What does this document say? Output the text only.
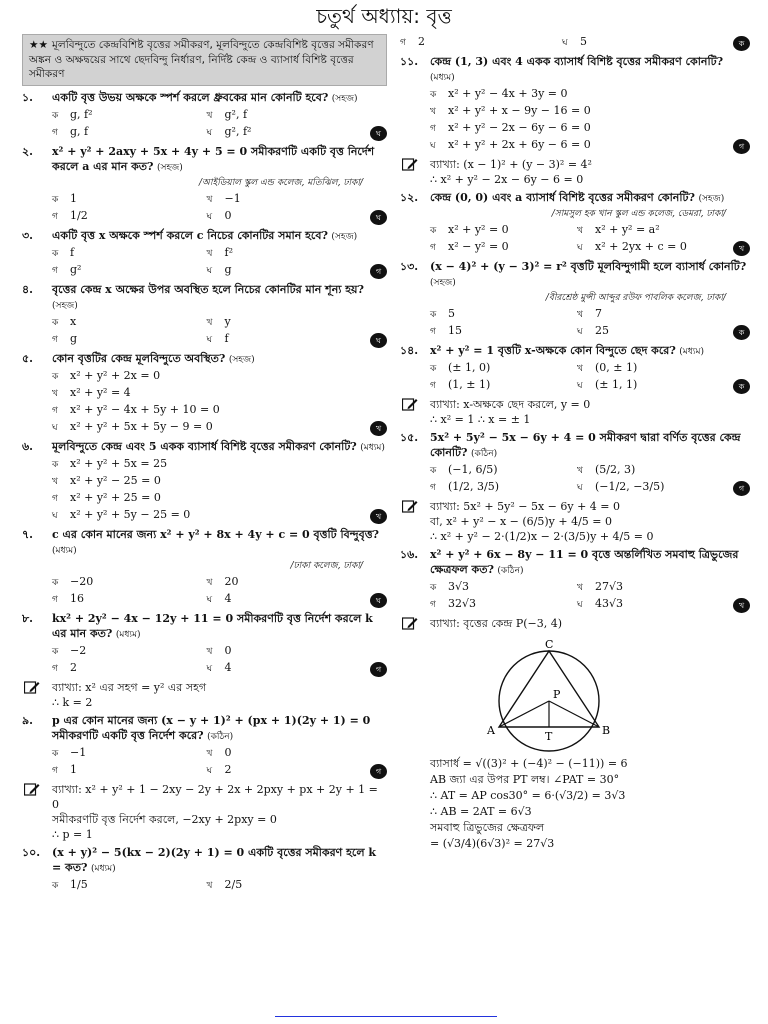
চতুর্থ অধ্যায়: বৃত্ত
★★ মূলবিন্দুতে কেন্দ্রবিশিষ্ট বৃত্তের সমীকরণ, মূলবিন্দুতে কেন্দ্রবিশিষ্ট বৃত্তের সমীকরণ অঙ্কন ও অক্ষদ্বয়ের সাথে ছেদবিন্দু নির্ধারণ, নির্দিষ্ট কেন্দ্র ও ব্যাসার্ধ বিশিষ্ট বৃত্তের সমীকরণ
১. একটি বৃত্ত উভয় অক্ষকে স্পর্শ করলে ধ্রুবকের মান কোনটি হবে? (সহজ)
ক g, f²	খ g², f
গ g, f	ঘ g², f²	ঘ
২. x² + y² + 2axy + 5x + 4y + 5 = 0 সমীকরণটি একটি বৃত্ত নির্দেশ করলে a এর মান কত? (সহজ)
/আইডিয়াল স্কুল এন্ড কলেজ, মতিঝিল, ঢাকা/
ক 1	খ −1
গ 1/2	ঘ 0	ঘ
৩. একটি বৃত্ত x অক্ষকে স্পর্শ করলে c নিচের কোনটির সমান হবে? (সহজ)
ক f	খ f²
গ g²	ঘ g	গ
৪. বৃত্তের কেন্দ্র x অক্ষের উপর অবস্থিত হলে নিচের কোনটির মান শূন্য হয়? (সহজ)
ক x	খ y
গ g	ঘ f	ঘ
৫. কোন বৃত্তটির কেন্দ্র মূলবিন্দুতে অবস্থিত? (সহজ)
ক x² + y² + 2x = 0
খ x² + y² = 4
গ x² + y² − 4x + 5y + 10 = 0
ঘ x² + y² + 5x + 5y − 9 = 0	খ
৬. মূলবিন্দুতে কেন্দ্র এবং 5 একক ব্যাসার্ধ বিশিষ্ট বৃত্তের সমীকরণ কোনটি? (মধ্যম)
ক x² + y² + 5x = 25
খ x² + y² − 25 = 0
গ x² + y² + 25 = 0
ঘ x² + y² + 5y − 25 = 0	খ
৭. c এর কোন মানের জন্য x² + y² + 8x + 4y + c = 0 বৃত্তটি বিন্দুবৃত্ত? (মধ্যম)
/ঢাকা কলেজ, ঢাকা/
ক −20	খ 20
গ 16	ঘ 4	ঘ
৮. kx² + 2y² − 4x − 12y + 11 = 0 সমীকরণটি বৃত্ত নির্দেশ করলে k এর মান কত? (মধ্যম)
ক −2	খ 0
গ 2	ঘ 4	গ
ব্যাখ্যা: x² এর সহগ = y² এর সহগ
∴ k = 2
৯. p এর কোন মানের জন্য (x − y + 1)² + (px + 1)(2y + 1) = 0 সমীকরণটি একটি বৃত্ত নির্দেশ করে? (কঠিন)
ক −1	খ 0
গ 1	ঘ 2	গ
ব্যাখ্যা: x² + y² + 1 − 2xy − 2y + 2x + 2pxy + px + 2y + 1 = 0
সমীকরণটি বৃত্ত নির্দেশ করলে, −2xy + 2pxy = 0
∴ p = 1
১০. (x + y)² − 5(kx − 2)(2y + 1) = 0 একটি বৃত্তের সমীকরণ হলে k = কত? (মধ্যম)
ক 1/5	খ 2/5
গ 2	ঘ 5	ক
১১. কেন্দ্র (1, 3) এবং 4 একক ব্যাসার্ধ বিশিষ্ট বৃত্তের সমীকরণ কোনটি? (মধ্যম)
ক x² + y² − 4x + 3y = 0
খ x² + y² + x − 9y − 16 = 0
গ x² + y² − 2x − 6y − 6 = 0
ঘ x² + y² + 2x + 6y − 6 = 0	গ
ব্যাখ্যা: (x − 1)² + (y − 3)² = 4²
∴ x² + y² − 2x − 6y − 6 = 0
১২. কেন্দ্র (0, 0) এবং a ব্যাসার্ধ বিশিষ্ট বৃত্তের সমীকরণ কোনটি? (সহজ)
/সামসুল হক খান স্কুল এন্ড কলেজ, ডেমরা, ঢাকা/
ক x² + y² = 0	খ x² + y² = a²
গ x² − y² = 0	ঘ x² + 2yx + c = 0	খ
১৩. (x − 4)² + (y − 3)² = r² বৃত্তটি মূলবিন্দুগামী হলে ব্যাসার্ধ কোনটি? (সহজ)
/বীরশ্রেষ্ঠ মুন্সী আব্দুর রউফ পাবলিক কলেজ, ঢাকা/
ক 5	খ 7
গ 15	ঘ 25	ক
১৪. x² + y² = 1 বৃত্তটি x-অক্ষকে কোন বিন্দুতে ছেদ করে? (মধ্যম)
ক (± 1, 0)	খ (0, ± 1)
গ (1, ± 1)	ঘ (± 1, 1)	ক
ব্যাখ্যা: x-অক্ষকে ছেদ করলে, y = 0
∴ x² = 1 ∴ x = ± 1
১৫. 5x² + 5y² − 5x − 6y + 4 = 0 সমীকরণ দ্বারা বর্ণিত বৃত্তের কেন্দ্র কোনটি? (কঠিন)
ক (−1, 6/5)	খ (5/2, 3)
গ (1/2, 3/5)	ঘ (−1/2, −3/5)	গ
ব্যাখ্যা: 5x² + 5y² − 5x − 6y + 4 = 0
বা, x² + y² − x − (6/5)y + 4/5 = 0
∴ x² + y² − 2·(1/2)x − 2·(3/5)y + 4/5 = 0
১৬. x² + y² + 6x − 8y − 11 = 0 বৃত্তে অন্তর্লিখিত সমবাহু ত্রিভুজের ক্ষেত্রফল কত? (কঠিন)
ক 3√3	খ 27√3
গ 32√3	ঘ 43√3	খ
ব্যাখ্যা: বৃত্তের কেন্দ্র P(−3, 4)
C
P
A	T	B
ব্যাসার্ধ = √((3)² + (−4)² − (−11)) = 6
AB জ্যা এর উপর PT লম্ব। ∠PAT = 30°
∴ AT = AP cos30° = 6·(√3/2) = 3√3
∴ AB = 2AT = 6√3
সমবাহু ত্রিভুজের ক্ষেত্রফল
= (√3/4)(6√3)² = 27√3
